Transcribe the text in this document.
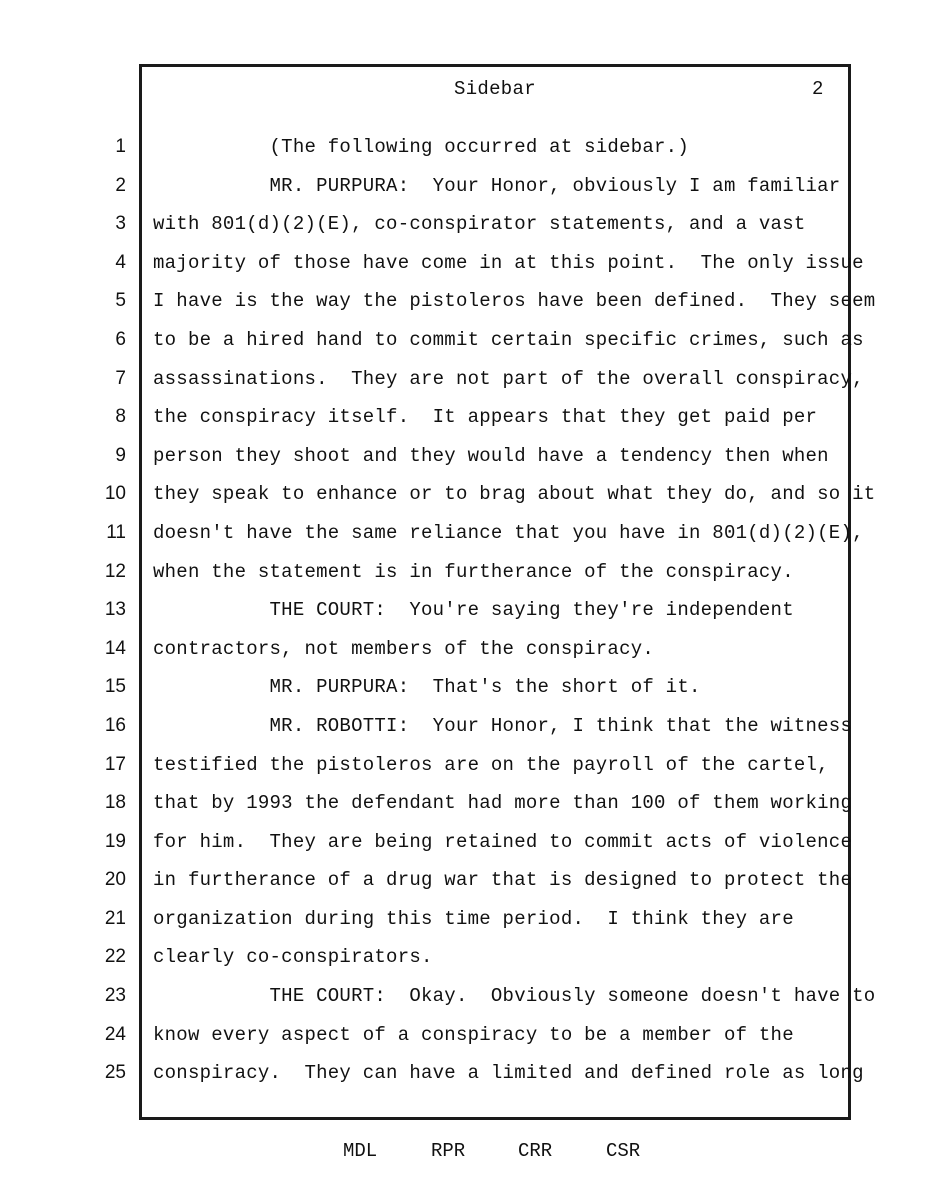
Sidebar	2
1
2
3
4
5
6
7
8
9
10
11
12
13
14
15
16
17
18
19
20
21
22
23
24
25
(The following occurred at sidebar.)
MR. PURPURA:  Your Honor, obviously I am familiar
with 801(d)(2)(E), co-conspirator statements, and a vast
majority of those have come in at this point.  The only issue
I have is the way the pistoleros have been defined.  They seem
to be a hired hand to commit certain specific crimes, such as
assassinations.  They are not part of the overall conspiracy,
the conspiracy itself.  It appears that they get paid per
person they shoot and they would have a tendency then when
they speak to enhance or to brag about what they do, and so it
doesn't have the same reliance that you have in 801(d)(2)(E),
when the statement is in furtherance of the conspiracy.
THE COURT:  You're saying they're independent
contractors, not members of the conspiracy.
MR. PURPURA:  That's the short of it.
MR. ROBOTTI:  Your Honor, I think that the witness
testified the pistoleros are on the payroll of the cartel,
that by 1993 the defendant had more than 100 of them working
for him.  They are being retained to commit acts of violence
in furtherance of a drug war that is designed to protect the
organization during this time period.  I think they are
clearly co-conspirators.
THE COURT:  Okay.  Obviously someone doesn't have to
know every aspect of a conspiracy to be a member of the
conspiracy.  They can have a limited and defined role as long
MDL	RPR	CRR	CSR
